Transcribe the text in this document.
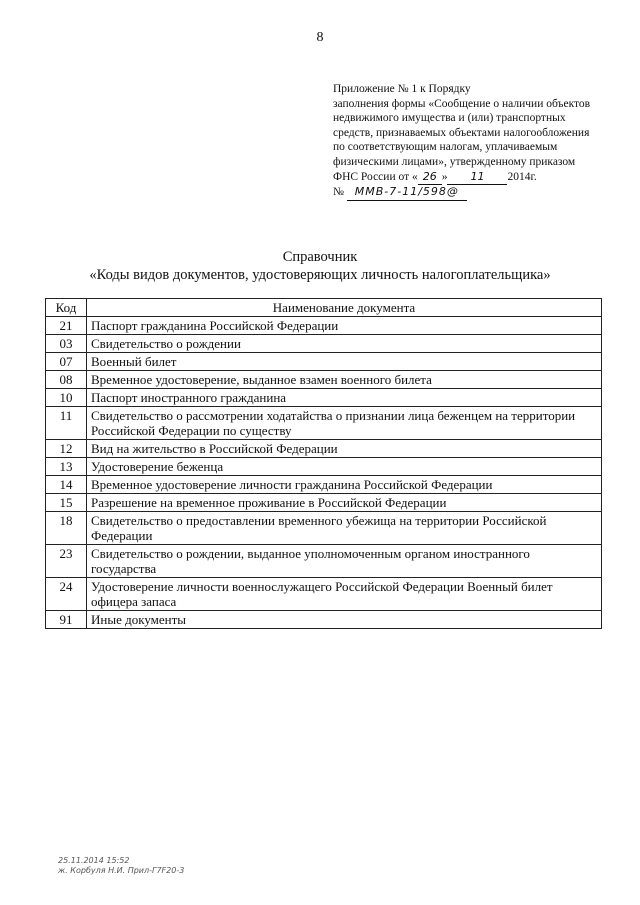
8
Приложение № 1 к Порядку
заполнения формы «Сообщение о наличии объектов
недвижимого имущества и (или) транспортных
средств, признаваемых объектами налогообложения
по соответствующим налогам, уплачиваемым
физическими лицами», утвержденному приказом
ФНС России от « 26 » 11 2014г.
№ ММВ-7-11/598@
Справочник
«Коды видов документов, удостоверяющих личность налогоплательщика»
Код	Наименование документа
21	Паспорт гражданина Российской Федерации
03	Свидетельство о рождении
07	Военный билет
08	Временное удостоверение, выданное взамен военного билета
10	Паспорт иностранного гражданина
11	Свидетельство о рассмотрении ходатайства о признании лица беженцем на территории Российской Федерации по существу
12	Вид на жительство в Российской Федерации
13	Удостоверение беженца
14	Временное удостоверение личности гражданина Российской Федерации
15	Разрешение на временное проживание в Российской Федерации
18	Свидетельство о предоставлении временного убежища на территории Российской Федерации
23	Свидетельство о рождении, выданное уполномоченным органом иностранного государства
24	Удостоверение личности военнослужащего Российской Федерации Военный билет офицера запаса
91	Иные документы
25.11.2014 15:52
ж. Корбуля Н.И. Прил-Г7F20-3
